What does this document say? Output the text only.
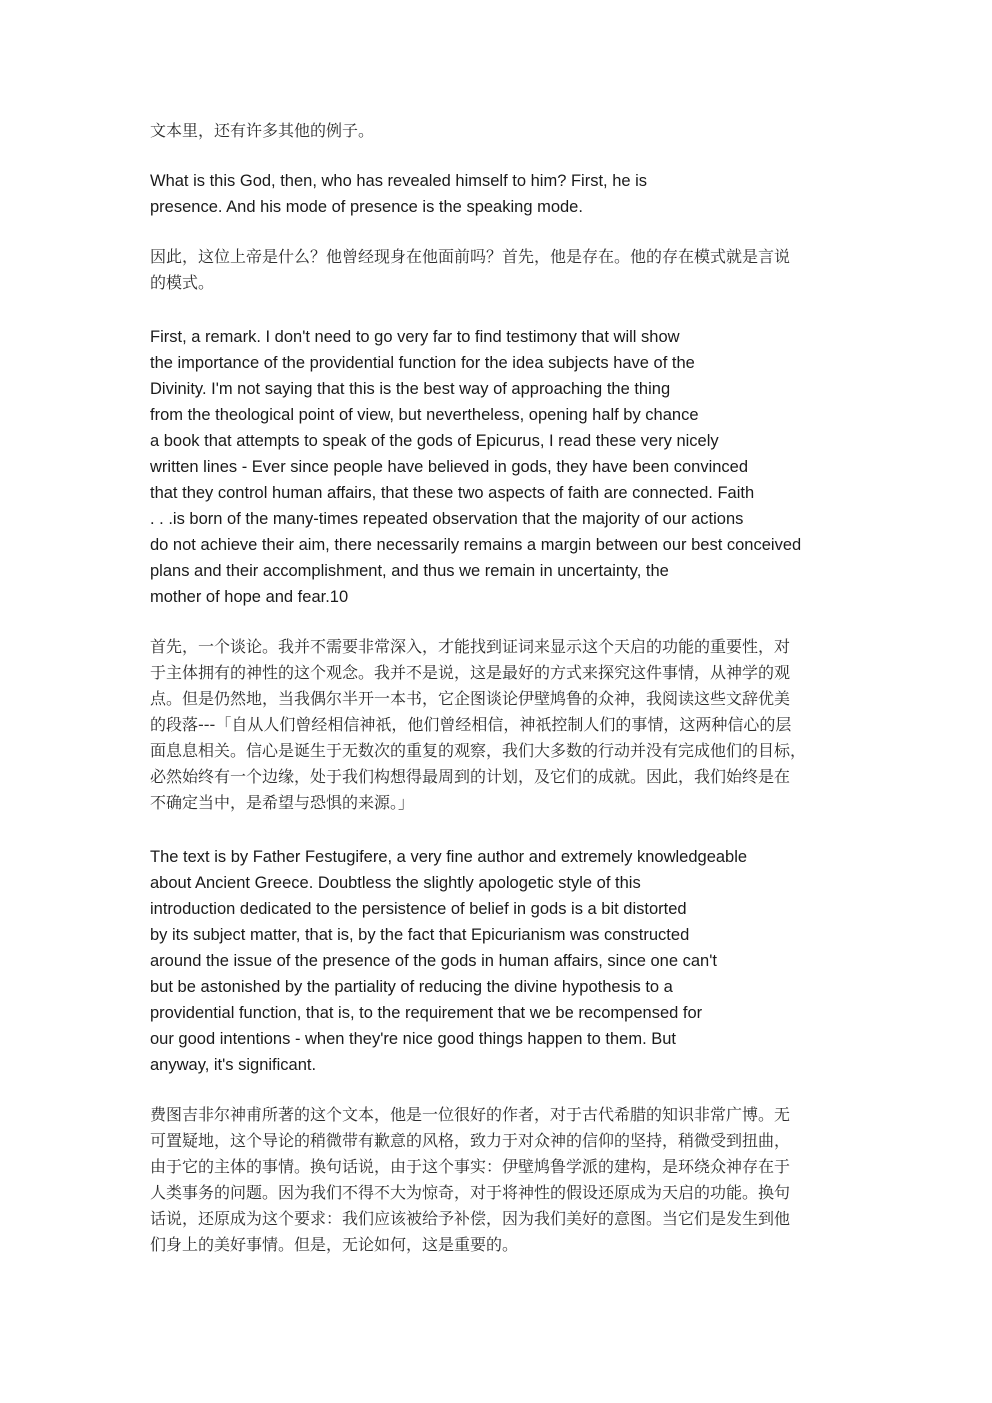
文本里，还有许多其他的例子。

What is this God, then, who has revealed himself to him? First, he is
presence. And his mode of presence is the speaking mode.

因此，这位上帝是什么？他曾经现身在他面前吗？首先，他是存在。他的存在模式就是言说
的模式。

First, a remark. I don't need to go very far to find testimony that will show
the importance of the providential function for the idea subjects have of the
Divinity. I'm not saying that this is the best way of approaching the thing
from the theological point of view, but nevertheless, opening half by chance
a book that attempts to speak of the gods of Epicurus, I read these very nicely
written lines - Ever since people have believed in gods, they have been convinced
that they control human affairs, that these two aspects of faith are connected. Faith
. . .is born of the many-times repeated observation that the majority of our actions
do not achieve their aim, there necessarily remains a margin between our best conceived
plans and their accomplishment, and thus we remain in uncertainty, the
mother of hope and fear.10

首先，一个谈论。我并不需要非常深入，才能找到证词来显示这个天启的功能的重要性，对
于主体拥有的神性的这个观念。我并不是说，这是最好的方式来探究这件事情，从神学的观
点。但是仍然地，当我偶尔半开一本书，它企图谈论伊壁鸠鲁的众神，我阅读这些文辞优美
的段落---「自从人们曾经相信神祇，他们曾经相信，神祇控制人们的事情，这两种信心的层
面息息相关。信心是诞生于无数次的重复的观察，我们大多数的行动并没有完成他们的目标，
必然始终有一个边缘，处于我们构想得最周到的计划，及它们的成就。因此，我们始终是在
不确定当中，是希望与恐惧的来源。」

The text is by Father Festugifere, a very fine author and extremely knowledgeable
about Ancient Greece. Doubtless the slightly apologetic style of this
introduction dedicated to the persistence of belief in gods is a bit distorted
by its subject matter, that is, by the fact that Epicurianism was constructed
around the issue of the presence of the gods in human affairs, since one can't
but be astonished by the partiality of reducing the divine hypothesis to a
providential function, that is, to the requirement that we be recompensed for
our good intentions - when they're nice good things happen to them. But
anyway, it's significant.

费图吉非尔神甫所著的这个文本，他是一位很好的作者，对于古代希腊的知识非常广博。无
可置疑地，这个导论的稍微带有歉意的风格，致力于对众神的信仰的坚持，稍微受到扭曲，
由于它的主体的事情。换句话说，由于这个事实：伊壁鸠鲁学派的建构，是环绕众神存在于
人类事务的问题。因为我们不得不大为惊奇，对于将神性的假设还原成为天启的功能。换句
话说，还原成为这个要求：我们应该被给予补偿，因为我们美好的意图。当它们是发生到他
们身上的美好事情。但是，无论如何，这是重要的。
